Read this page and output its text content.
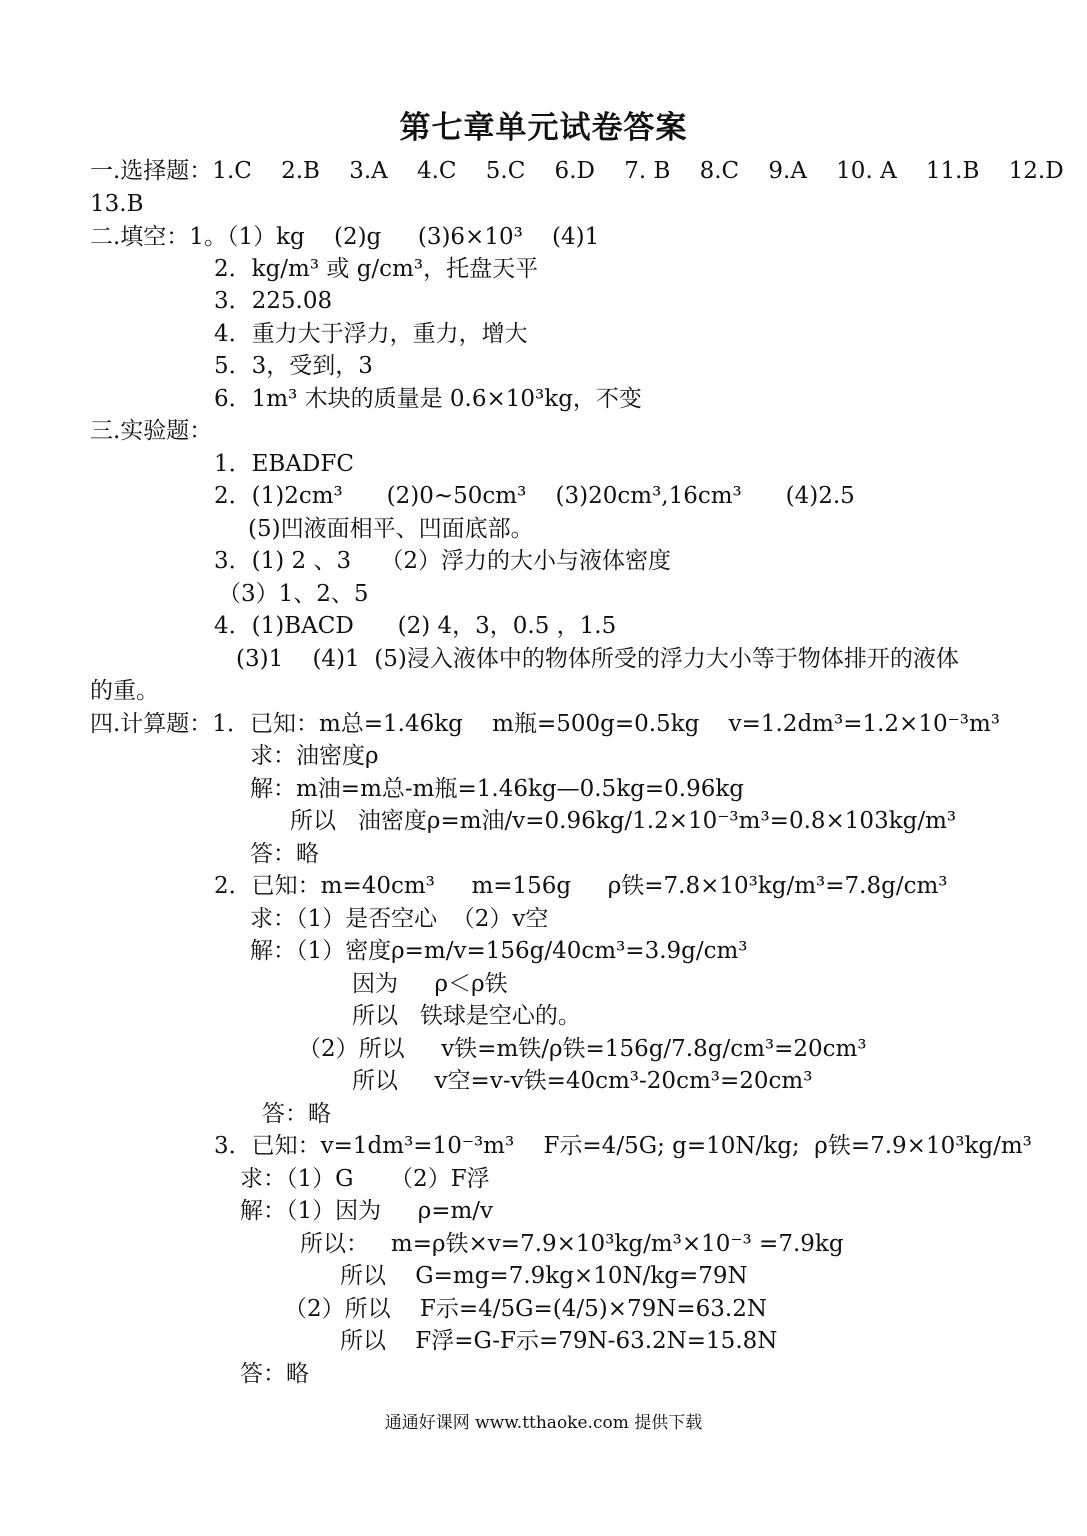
第七章单元试卷答案
一.选择题：1.C    2.B    3.A    4.C    5.C    6.D    7. B    8.C    9.A    10. A    11.B    12.D
13.B
二.填空：1。（1）kg    (2)g     (3)6×10³    (4)1
2．kg/m³ 或 g/cm³，托盘天平
3．225.08
4．重力大于浮力，重力，增大
5．3，受到，3
6．1m³ 木块的质量是 0.6×10³kg，不变
三.实验题：
1．EBADFC
2．(1)2cm³      (2)0~50cm³    (3)20cm³,16cm³      (4)2.5
(5)凹液面相平、凹面底部。
3．(1) 2 、3    （2）浮力的大小与液体密度
（3）1、2、5
4．(1)BACD      (2) 4，3，0.5 ，1.5
(3)1    (4)1  (5)浸入液体中的物体所受的浮力大小等于物体排开的液体
的重。
四.计算题：1．已知：m总=1.46kg    m瓶=500g=0.5kg    v=1.2dm³=1.2×10⁻³m³
求：油密度ρ
解：m油=m总-m瓶=1.46kg—0.5kg=0.96kg
所以   油密度ρ=m油/v=0.96kg/1.2×10⁻³m³=0.8×103kg/m³
答：略
2．已知：m=40cm³     m=156g     ρ铁=7.8×10³kg/m³=7.8g/cm³
求：（1）是否空心  （2）v空
解：（1）密度ρ=m/v=156g/40cm³=3.9g/cm³
因为     ρ＜ρ铁
所以   铁球是空心的。
（2）所以     v铁=m铁/ρ铁=156g/7.8g/cm³=20cm³
所以     v空=v-v铁=40cm³-20cm³=20cm³
答：略
3．已知：v=1dm³=10⁻³m³    F示=4/5G; g=10N/kg;  ρ铁=7.9×10³kg/m³
求：（1）G     （2）F浮
解：（1）因为     ρ=m/v
所以：   m=ρ铁×v=7.9×10³kg/m³×10⁻³ =7.9kg
所以    G=mg=7.9kg×10N/kg=79N
（2）所以    F示=4/5G=(4/5)×79N=63.2N
所以    F浮=G-F示=79N-63.2N=15.8N
答：略
通通好课网 www.tthaoke.com 提供下载
